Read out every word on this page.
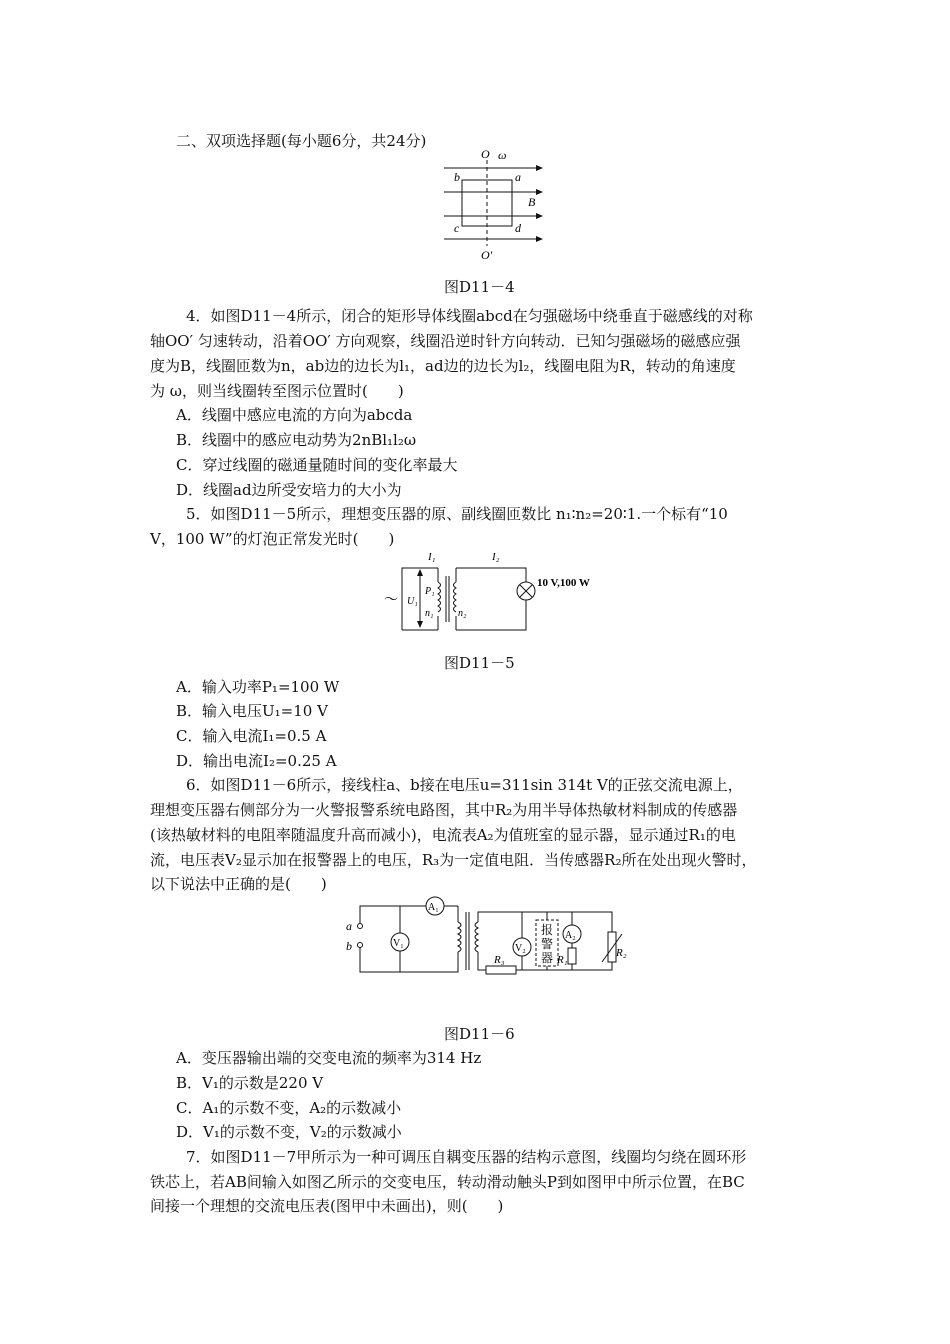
二、双项选择题(每小题6分，共24分)
O ω
b	a
B
c	d
O′
图D11－4
4．如图D11－4所示，闭合的矩形导体线圈abcd在匀强磁场中绕垂直于磁感线的对称
轴OO′ 匀速转动，沿着OO′ 方向观察，线圈沿逆时针方向转动．已知匀强磁场的磁感应强
度为B，线圈匝数为n，ab边的边长为l₁，ad边的边长为l₂，线圈电阻为R，转动的角速度
为 ω，则当线圈转至图示位置时(　　)
A．线圈中感应电流的方向为abcda
B．线圈中的感应电动势为2nBl₁l₂ω
C．穿过线圈的磁通量随时间的变化率最大
D．线圈ad边所受安培力的大小为
5．如图D11－5所示，理想变压器的原、副线圈匝数比 n₁∶n₂=20∶1.一个标有“10
V，100 W”的灯泡正常发光时(　　)
～
I₁	I₂
P₁
U₁
n₁ n₂
10 V,100 W
图D11－5
A．输入功率P₁=100 W
B．输入电压U₁=10 V
C．输入电流I₁=0.5 A
D．输出电流I₂=0.25 A
6．如图D11－6所示，接线柱a、b接在电压u=311sin 314t V的正弦交流电源上，
理想变压器右侧部分为一火警报警系统电路图，其中R₂为用半导体热敏材料制成的传感器
(该热敏材料的电阻率随温度升高而减小)，电流表A₂为值班室的显示器，显示通过R₁的电
流，电压表V₂显示加在报警器上的电压，R₃为一定值电阻．当传感器R₂所在处出现火警时，
以下说法中正确的是(　　)
a
b
A₁
V₁	V₂
A₂
报
警
器 R₁
R₂
R₃
图D11－6
A．变压器输出端的交变电流的频率为314 Hz
B．V₁的示数是220 V
C．A₁的示数不变，A₂的示数减小
D．V₁的示数不变，V₂的示数减小
7．如图D11－7甲所示为一种可调压自耦变压器的结构示意图，线圈均匀绕在圆环形
铁芯上，若AB间输入如图乙所示的交变电压，转动滑动触头P到如图甲中所示位置，在BC
间接一个理想的交流电压表(图甲中未画出)，则(　　)
